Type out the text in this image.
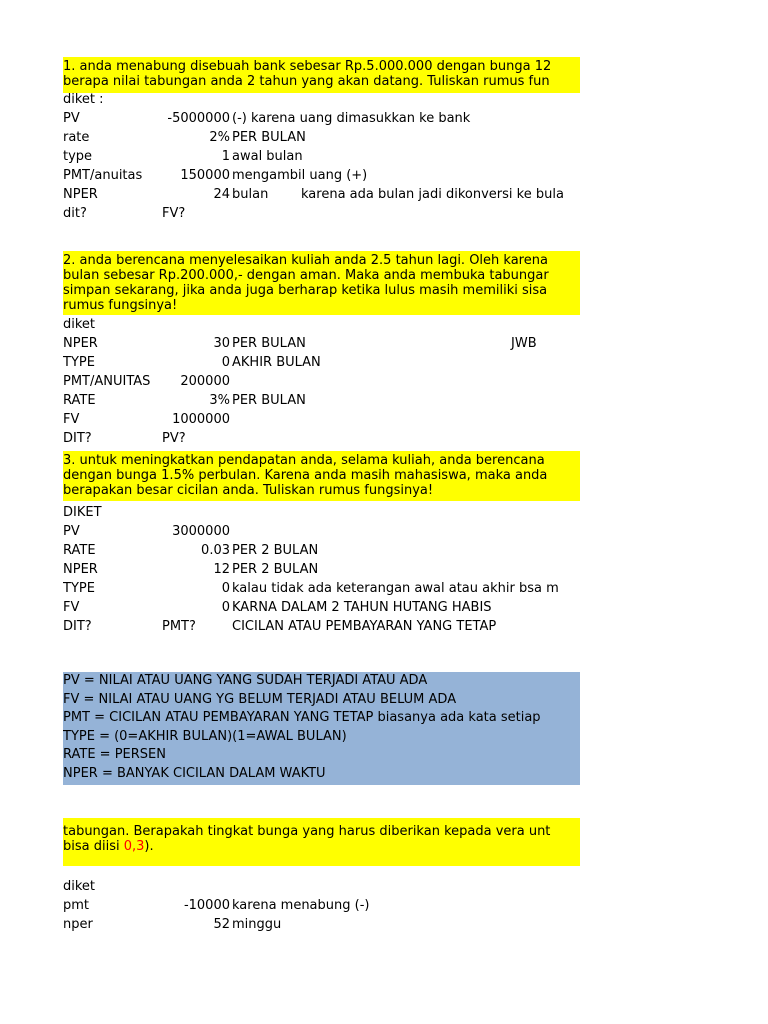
1. anda menabung disebuah bank sebesar Rp.5.000.000 dengan bunga 12
berapa nilai tabungan anda 2 tahun yang akan datang. Tuliskan rumus fun
diket :
PV	-5000000 (-) karena uang dimasukkan ke bank
rate	2% PER BULAN
type	1 awal bulan
PMT/anuitas	150000 mengambil uang (+)
NPER	24 bulan	karena ada bulan jadi dikonversi ke bula
dit?	FV?
2. anda berencana menyelesaikan kuliah anda 2.5 tahun lagi. Oleh karena
bulan sebesar Rp.200.000,- dengan aman. Maka anda membuka tabungar
simpan sekarang, jika anda juga berharap ketika lulus masih memiliki sisa
rumus fungsinya!
diket
NPER	30 PER BULAN	JWB
TYPE	0 AKHIR BULAN
PMT/ANUITAS	200000
RATE	3% PER BULAN
FV	1000000
DIT?	PV?
3. untuk meningkatkan pendapatan anda, selama kuliah, anda berencana
dengan bunga 1.5% perbulan. Karena anda masih mahasiswa, maka anda
berapakan besar cicilan anda. Tuliskan rumus fungsinya!
DIKET
PV	3000000
RATE	0.03 PER 2 BULAN
NPER	12 PER 2 BULAN
TYPE	0 kalau tidak ada keterangan awal atau akhir bsa m
FV	0 KARNA DALAM 2 TAHUN HUTANG HABIS
DIT?	PMT?	CICILAN ATAU PEMBAYARAN YANG TETAP
PV = NILAI ATAU UANG YANG SUDAH TERJADI ATAU ADA
FV = NILAI ATAU UANG YG BELUM TERJADI ATAU BELUM ADA
PMT = CICILAN ATAU PEMBAYARAN YANG TETAP biasanya ada kata setiap
TYPE = (0=AKHIR BULAN)(1=AWAL BULAN)
RATE = PERSEN
NPER = BANYAK CICILAN DALAM WAKTU
tabungan. Berapakah tingkat bunga yang harus diberikan kepada vera unt
bisa diisi 0,3).
diket
pmt	-10000 karena menabung (-)
nper	52 minggu
